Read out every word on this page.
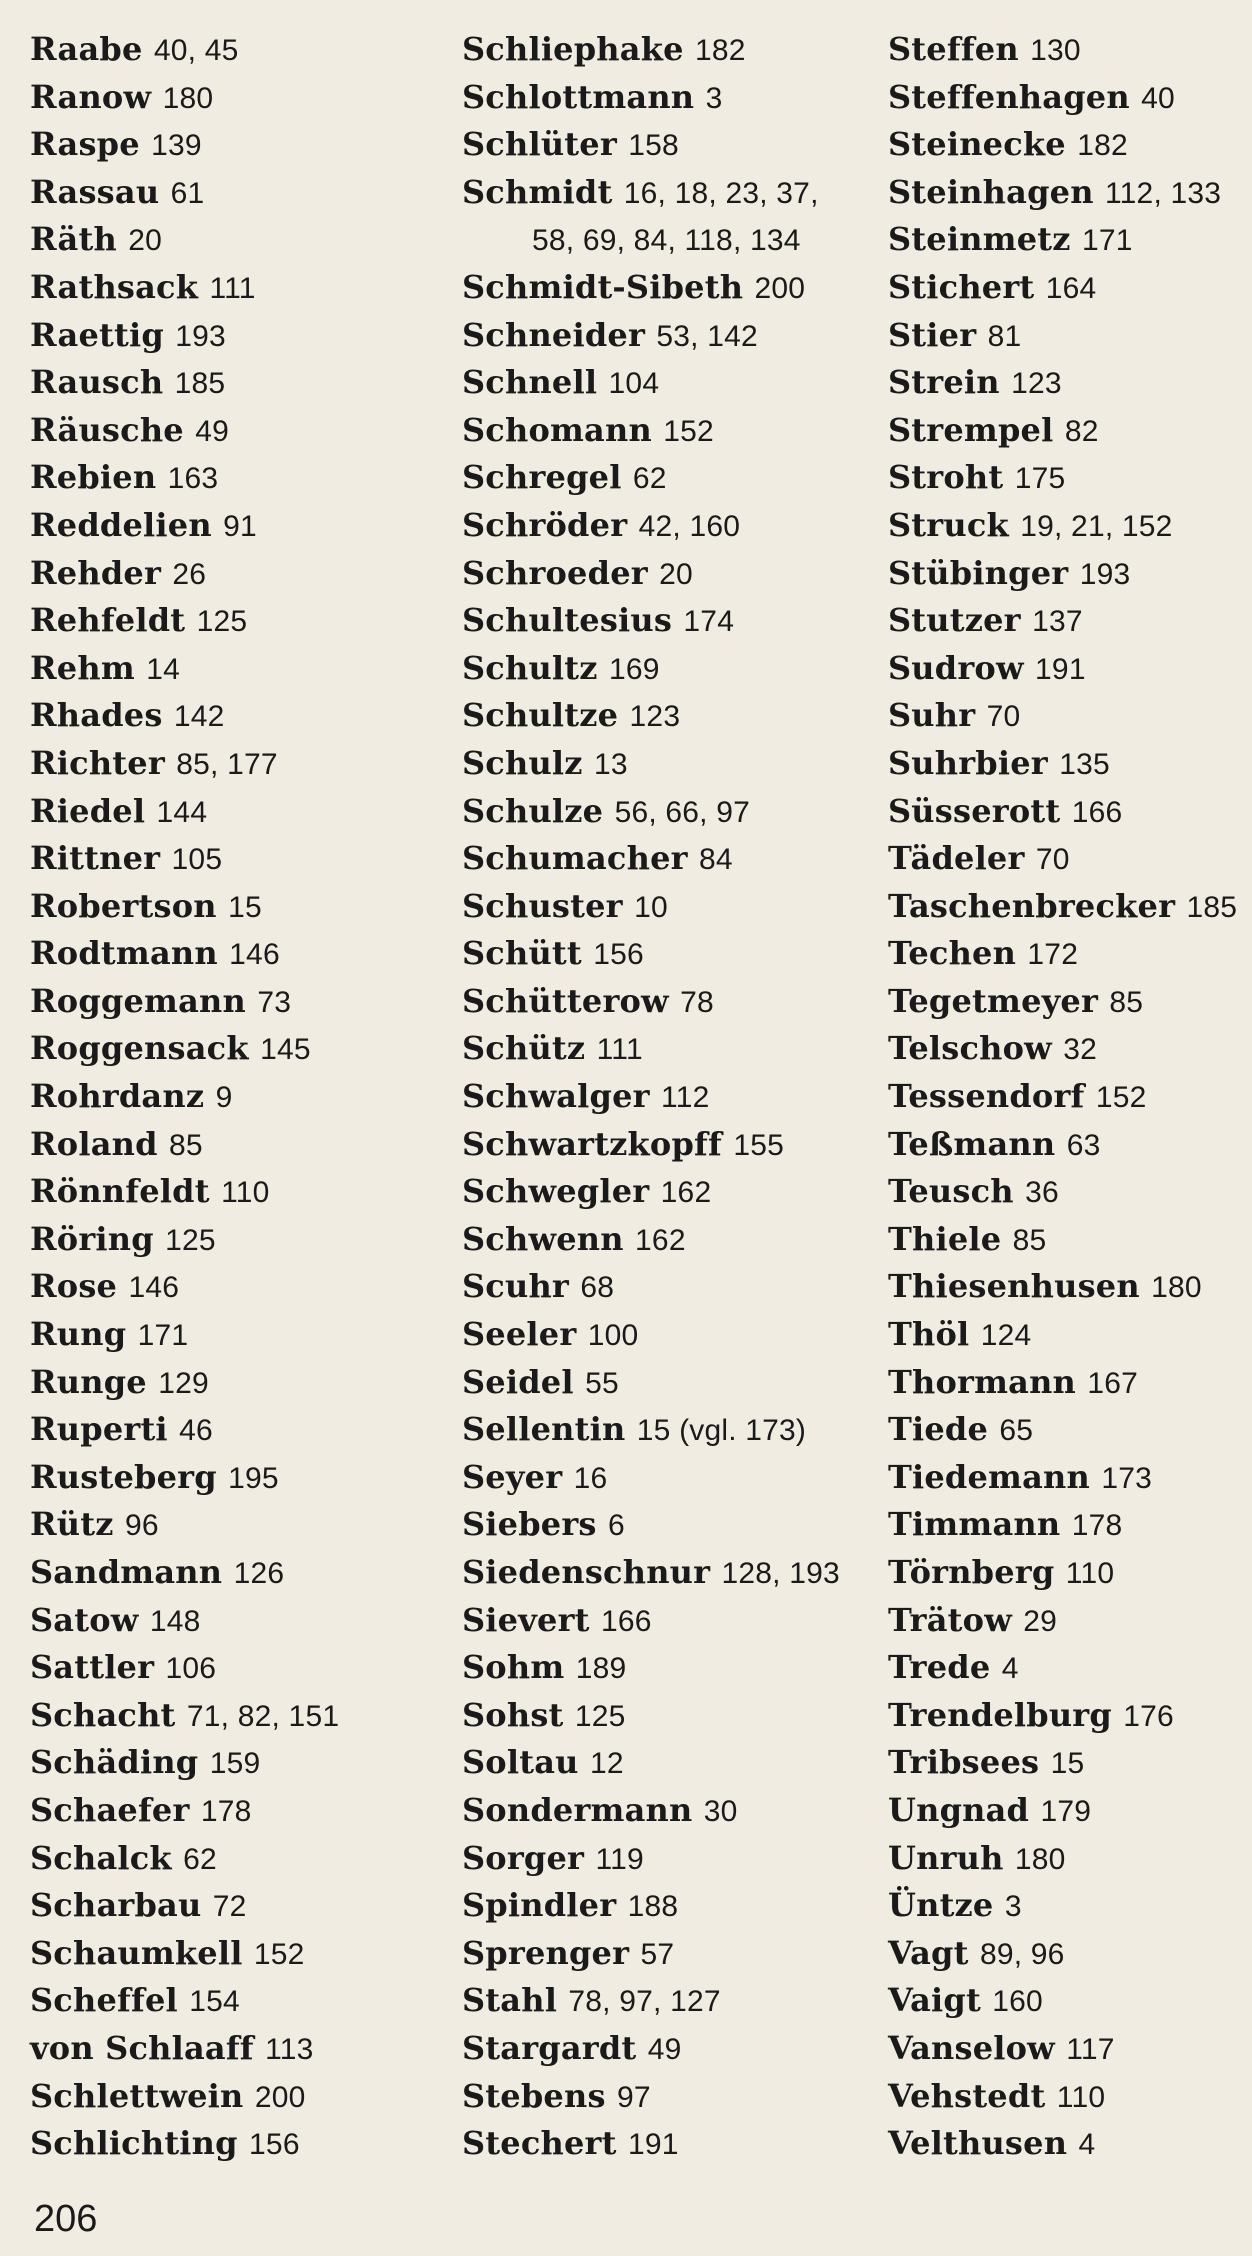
Raabe 40, 45
Ranow 180
Raspe 139
Rassau 61
Räth 20
Rathsack 111
Raettig 193
Rausch 185
Räusche 49
Rebien 163
Reddelien 91
Rehder 26
Rehfeldt 125
Rehm 14
Rhades 142
Richter 85, 177
Riedel 144
Rittner 105
Robertson 15
Rodtmann 146
Roggemann 73
Roggensack 145
Rohrdanz 9
Roland 85
Rönnfeldt 110
Röring 125
Rose 146
Rung 171
Runge 129
Ruperti 46
Rusteberg 195
Rütz 96
Sandmann 126
Satow 148
Sattler 106
Schacht 71, 82, 151
Schäding 159
Schaefer 178
Schalck 62
Scharbau 72
Schaumkell 152
Scheffel 154
von Schlaaff 113
Schlettwein 200
Schlichting 156
Schliephake 182
Schlottmann 3
Schlüter 158
Schmidt 16, 18, 23, 37,
58, 69, 84, 118, 134
Schmidt-Sibeth 200
Schneider 53, 142
Schnell 104
Schomann 152
Schregel 62
Schröder 42, 160
Schroeder 20
Schultesius 174
Schultz 169
Schultze 123
Schulz 13
Schulze 56, 66, 97
Schumacher 84
Schuster 10
Schütt 156
Schütterow 78
Schütz 111
Schwalger 112
Schwartzkopff 155
Schwegler 162
Schwenn 162
Scuhr 68
Seeler 100
Seidel 55
Sellentin 15 (vgl. 173)
Seyer 16
Siebers 6
Siedenschnur 128, 193
Sievert 166
Sohm 189
Sohst 125
Soltau 12
Sondermann 30
Sorger 119
Spindler 188
Sprenger 57
Stahl 78, 97, 127
Stargardt 49
Stebens 97
Stechert 191
Steffen 130
Steffenhagen 40
Steinecke 182
Steinhagen 112, 133
Steinmetz 171
Stichert 164
Stier 81
Strein 123
Strempel 82
Stroht 175
Struck 19, 21, 152
Stübinger 193
Stutzer 137
Sudrow 191
Suhr 70
Suhrbier 135
Süsserott 166
Tädeler 70
Taschenbrecker 185
Techen 172
Tegetmeyer 85
Telschow 32
Tessendorf 152
Teßmann 63
Teusch 36
Thiele 85
Thiesenhusen 180
Thöl 124
Thormann 167
Tiede 65
Tiedemann 173
Timmann 178
Törnberg 110
Trätow 29
Trede 4
Trendelburg 176
Tribsees 15
Ungnad 179
Unruh 180
Üntze 3
Vagt 89, 96
Vaigt 160
Vanselow 117
Vehstedt 110
Velthusen 4
206
